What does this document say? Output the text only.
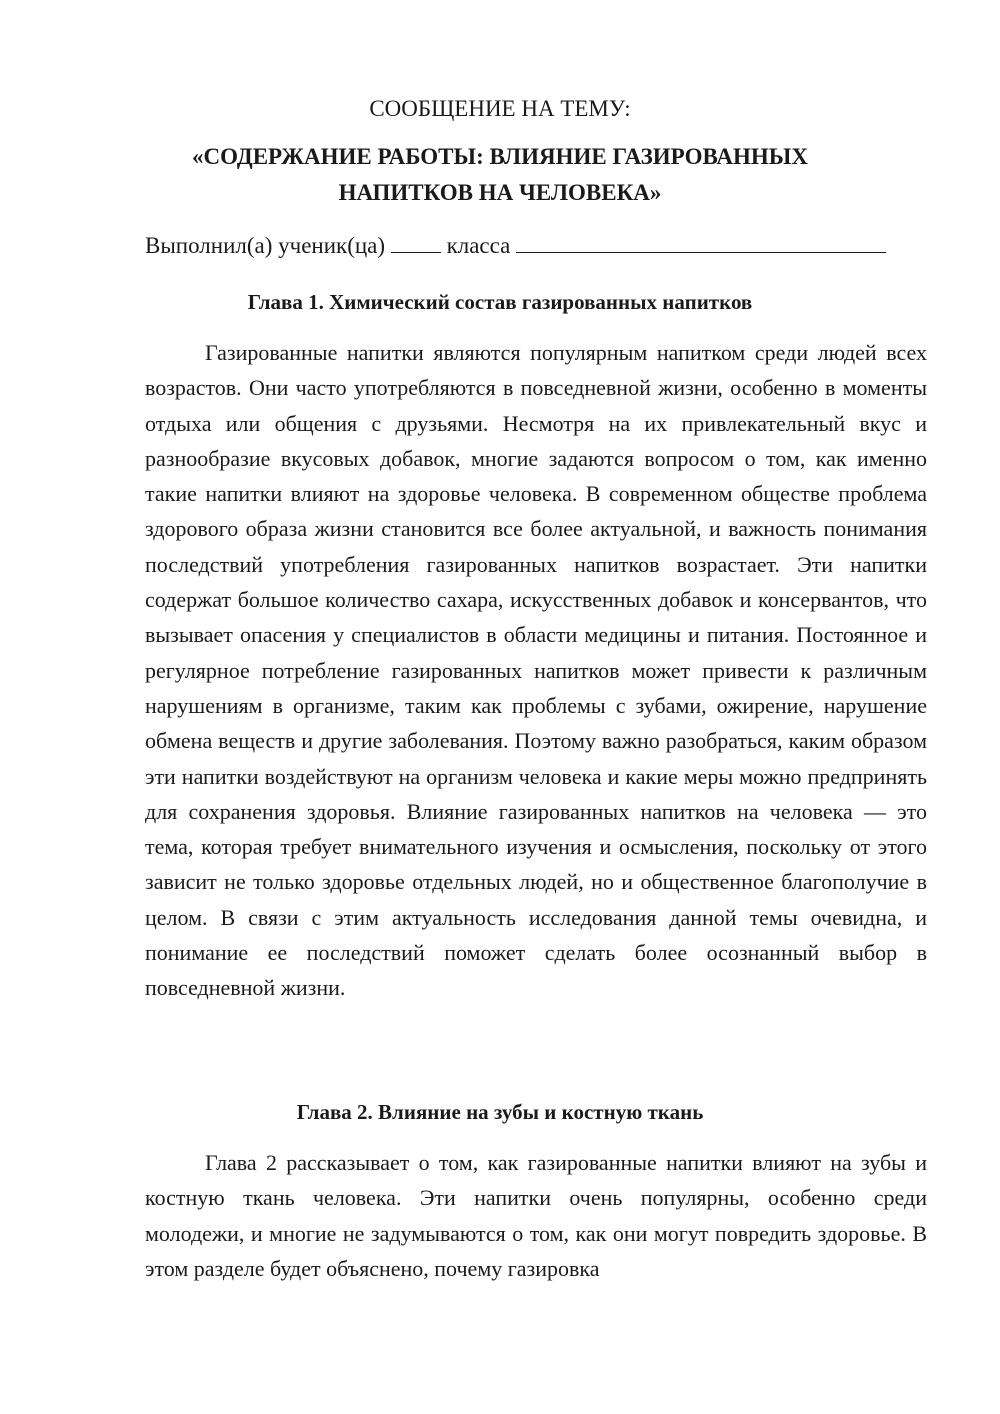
СООБЩЕНИЕ НА ТЕМУ:

«СОДЕРЖАНИЕ РАБОТЫ: ВЛИЯНИЕ ГАЗИРОВАННЫХ

НАПИТКОВ НА ЧЕЛОВЕКА»

Выполнил(а) ученик(ца)	класса
Глава 1. Химический состав газированных напитков

Газированные напитки являются популярным напитком среди людей всех возрастов. Они часто употребляются в повседневной жизни, особенно в моменты отдыха или общения с друзьями. Несмотря на их привлекательный вкус и разнообразие вкусовых добавок, многие задаются вопросом о том, как именно такие напитки влияют на здоровье человека. В современном обществе проблема здорового образа жизни становится все более актуальной, и важность понимания последствий употребления газированных напитков возрастает. Эти напитки содержат большое количество сахара, искусственных добавок и консервантов, что вызывает опасения у специалистов в области медицины и питания. Постоянное и регулярное потребление газированных напитков может привести к различным нарушениям в организме, таким как проблемы с зубами, ожирение, нарушение обмена веществ и другие заболевания. Поэтому важно разобраться, каким образом эти напитки воздействуют на организм человека и какие меры можно предпринять для сохранения здоровья. Влияние газированных напитков на человека — это тема, которая требует внимательного изучения и осмысления, поскольку от этого зависит не только здоровье отдельных людей, но и общественное благополучие в целом. В связи с этим актуальность исследования данной темы очевидна, и понимание ее последствий поможет сделать более осознанный выбор в повседневной жизни.

Глава 2. Влияние на зубы и костную ткань

Глава 2 рассказывает о том, как газированные напитки влияют на зубы и костную ткань человека. Эти напитки очень популярны, особенно среди молодежи, и многие не задумываются о том, как они могут повредить здоровье. В этом разделе будет объяснено, почему газировка
